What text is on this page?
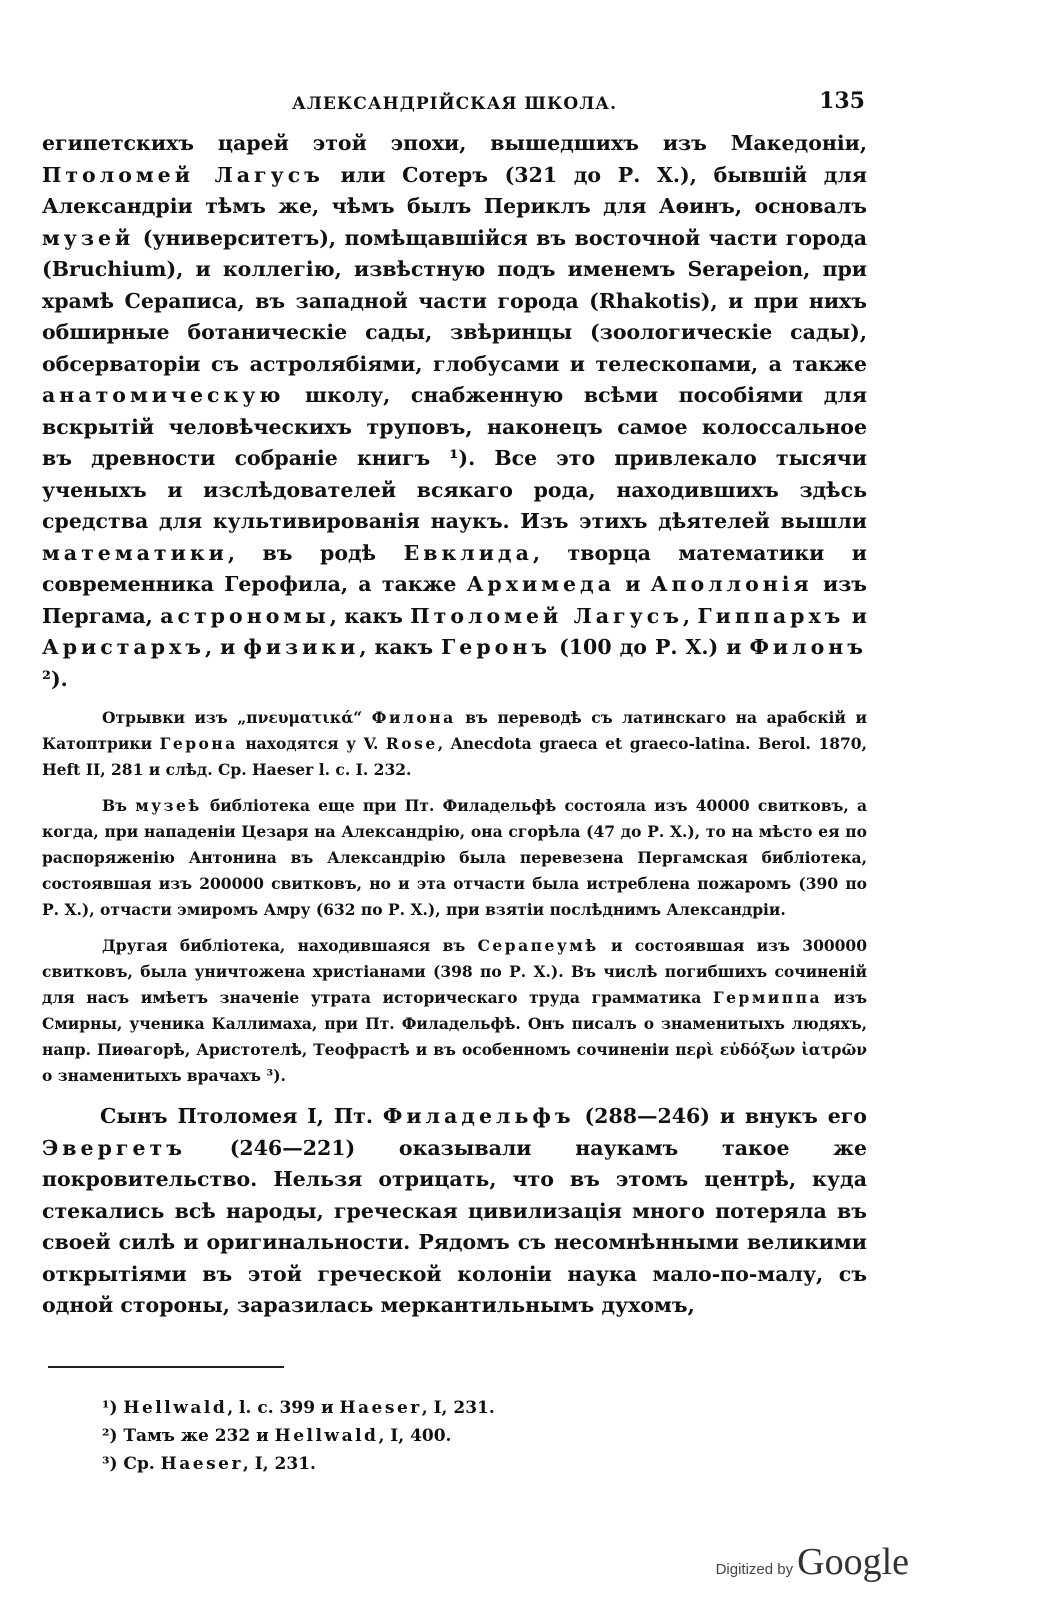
АЛЕКСАНДРІЙСКАЯ ШКОЛА.	135

египетскихъ царей этой эпохи, вышедшихъ изъ Македоніи, Птоломей Лагусъ или Сотеръ (321 до Р. X.), бывшій для Александріи тѣмъ же, чѣмъ былъ Периклъ для Аѳинъ, основалъ музей (университетъ), помѣщавшійся въ восточной части города (Bruchium), и коллегію, извѣстную подъ именемъ Serapeion, при храмѣ Сераписа, въ западной части города (Rhakotis), и при нихъ обширные ботаническіе сады, звѣринцы (зоологическіе сады), обсерваторіи съ астролябіями, глобусами и телескопами, а также анатомическую школу, снабженную всѣми пособіями для вскрытій человѣческихъ труповъ, наконецъ самое колоссальное въ древности собраніе книгъ ¹). Все это привлекало тысячи ученыхъ и изслѣдователей всякаго рода, находившихъ здѣсь средства для культивированія наукъ. Изъ этихъ дѣятелей вышли математики, въ родѣ Евклида, творца математики и современника Герофила, а также Архимеда и Аполлонія изъ Пергама, астрономы, какъ Птоломей Лагусъ, Гиппархъ и Аристархъ, и физики, какъ Геронъ (100 до Р. X.) и Филонъ ²).

Отрывки изъ „πνευματικά“ Филона въ переводѣ съ латинскаго на арабскій и Катоптрики Герона находятся у V. Rose, Anecdota graeca et graeco-latina. Berol. 1870, Heft II, 281 и слѣд. Ср. Haeser l. c. I. 232.

Въ музеѣ библіотека еще при Пт. Филадельфѣ состояла изъ 40000 свитковъ, а когда, при нападеніи Цезаря на Александрію, она сгорѣла (47 до Р. X.), то на мѣсто ея по распоряженію Антонина въ Александрію была перевезена Пергамская библіотека, состоявшая изъ 200000 свитковъ, но и эта отчасти была истреблена пожаромъ (390 по Р. X.), отчасти эмиромъ Амру (632 по Р. X.), при взятіи послѣднимъ Александріи.

Другая библіотека, находившаяся въ Серапеумѣ и состоявшая изъ 300000 свитковъ, была уничтожена христіанами (398 по Р. X.). Въ числѣ погибшихъ сочиненій для насъ имѣетъ значеніе утрата историческаго труда грамматика Гермиппа изъ Смирны, ученика Каллимаха, при Пт. Филадельфѣ. Онъ писалъ о знаменитыхъ людяхъ, напр. Пиѳагорѣ, Аристотелѣ, Теофрастѣ и въ особенномъ сочиненіи περὶ εὐδόξων ἰατρῶν о знаменитыхъ врачахъ ³).

Сынъ Птоломея I, Пт. Филадельфъ (288—246) и внукъ его Эвергетъ (246—221) оказывали наукамъ такое же покровительство. Нельзя отрицать, что въ этомъ центрѣ, куда стекались всѣ народы, греческая цивилизація много потеряла въ своей силѣ и оригинальности. Рядомъ съ несомнѣнными великими открытіями въ этой греческой колоніи наука мало-по-малу, съ одной стороны, заразилась меркантильнымъ духомъ,

¹) Hellwald, l. c. 399 и Haeser, I, 231.
²) Тамъ же 232 и Hellwald, I, 400.
³) Ср. Haeser, I, 231.
Digitized by Google
